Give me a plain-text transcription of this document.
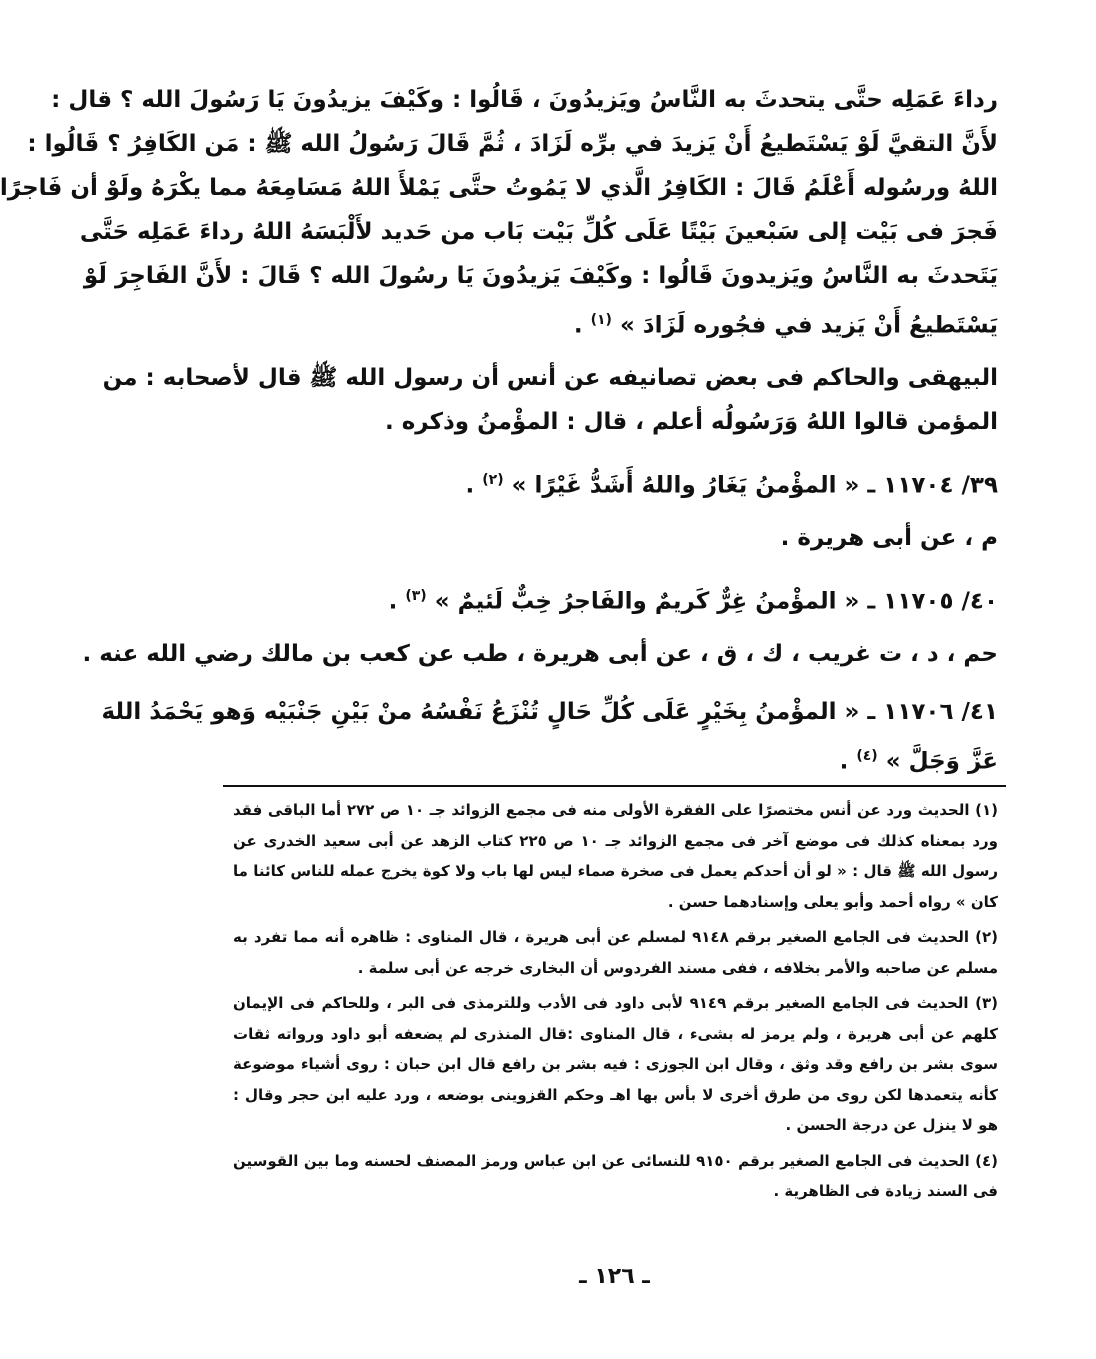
رداءَ عَمَلِه حتَّى يتحدثَ به النَّاسُ ويَزيدُونَ ، قَالُوا : وكَيْفَ يزيدُونَ يَا رَسُولَ الله ؟ قال :
لأَنَّ التقيَّ لَوْ يَسْتَطيعُ أَنْ يَزيدَ في برِّه لَزَادَ ، ثُمَّ قَالَ رَسُولُ الله ﷺ : مَن الكَافِرُ ؟ قَالُوا :
اللهُ ورسُوله أَعْلَمُ قَالَ : الكَافِرُ الَّذي لا يَمُوتُ حتَّى يَمْلأَ اللهُ مَسَامِعَهُ مما يكْرَهُ ولَوْ أن فَاجرًا
فَجرَ فى بَيْت إلى سَبْعينَ بَيْتًا عَلَى كُلِّ بَيْت بَاب من حَديد لأَلْبَسَهُ اللهُ رداءَ عَمَلِه حَتَّى
يَتَحدثَ به النَّاسُ ويَزيدونَ قَالُوا : وكَيْفَ يَزيدُونَ يَا رسُولَ الله ؟ قَالَ : لأَنَّ الفَاجِرَ لَوْ
يَسْتَطيعُ أَنْ يَزيد في فجُوره لَزَادَ » $^{(١)}$ .
البيهقى والحاكم فى بعض تصانيفه عن أنس أن رسول الله ﷺ قال لأصحابه : من
المؤمن قالوا اللهُ وَرَسُولُه أعلم ، قال : المؤْمنُ وذكره .
٣٩/ ١١٧٠٤ ـ « المؤْمنُ يَغَارُ واللهُ أَشَدُّ غَيْرًا » $^{(٢)}$ .
م ، عن أبى هريرة .
٤٠/ ١١٧٠٥ ـ « المؤْمنُ غِرٌّ كَريمٌ والفَاجرُ خِبٌّ لَئيمٌ » $^{(٣)}$ .
حم ، د ، ت غريب ، ك ، ق ، عن أبى هريرة ، طب عن كعب بن مالك رضي الله عنه .
٤١/ ١١٧٠٦ ـ « المؤْمنُ بِخَيْرٍ عَلَى كُلِّ حَالٍ تُنْزَعُ نَفْسُهُ منْ بَيْنِ جَنْبَيْه وَهو يَحْمَدُ اللهَ
عَزَّ وَجَلَّ » $^{(٤)}$ .
(١) الحديث ورد عن أنس مختصرًا على الفقرة الأولى منه فى مجمع الزوائد جـ ١٠ ص ٢٧٢ أما الباقى فقد ورد بمعناه كذلك فى موضع آخر فى مجمع الزوائد جـ ١٠ ص ٢٢٥ كتاب الزهد عن أبى سعيد الخدرى عن رسول الله ﷺ قال : « لو أن أحدكم يعمل فى صخرة صماء ليس لها باب ولا كوة يخرج عمله للناس كائنا ما كان » رواه أحمد وأبو يعلى وإسنادهما حسن .
(٢) الحديث فى الجامع الصغير برقم ٩١٤٨ لمسلم عن أبى هريرة ، قال المناوى : ظاهره أنه مما تفرد به مسلم عن صاحبه والأمر بخلافه ، ففى مسند الفردوس أن البخارى خرجه عن أبى سلمة .
(٣) الحديث فى الجامع الصغير برقم ٩١٤٩ لأبى داود فى الأدب وللترمذى فى البر ، وللحاكم فى الإيمان كلهم عن أبى هريرة ، ولم يرمز له بشىء ، قال المناوى :قال المنذرى لم يضعفه أبو داود ورواته ثقات سوى بشر بن رافع وقد وثق ، وقال ابن الجوزى : فيه بشر بن رافع قال ابن حبان : روى أشياء موضوعة كأنه يتعمدها لكن روى من طرق أخرى لا بأس بها اهـ وحكم القزوينى بوضعه ، ورد عليه ابن حجر وقال : هو لا ينزل عن درجة الحسن .
(٤) الحديث فى الجامع الصغير برقم ٩١٥٠ للنسائى عن ابن عباس ورمز المصنف لحسنه وما بين القوسين فى السند زيادة فى الظاهرية .
ـ ١٢٦ ـ
